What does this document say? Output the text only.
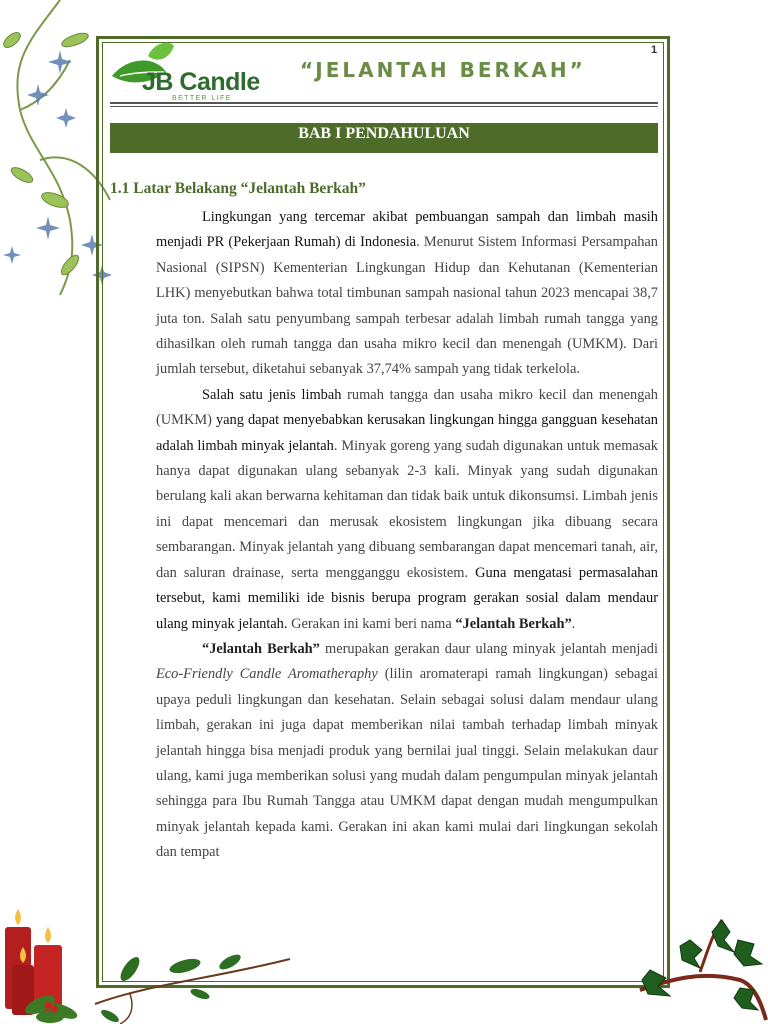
1
JB Candle
BETTER LIFE
“JELANTAH BERKAH”
BAB I PENDAHULUAN
1.1 Latar Belakang “Jelantah Berkah”

Lingkungan yang tercemar akibat pembuangan sampah dan limbah masih menjadi PR (Pekerjaan Rumah) di Indonesia. Menurut Sistem Informasi Persampahan Nasional (SIPSN) Kementerian Lingkungan Hidup dan Kehutanan (Kementerian LHK) menyebutkan bahwa total timbunan sampah nasional tahun 2023 mencapai 38,7 juta ton. Salah satu penyumbang sampah terbesar adalah limbah rumah tangga yang dihasilkan oleh rumah tangga dan usaha mikro kecil dan menengah (UMKM). Dari jumlah tersebut, diketahui sebanyak 37,74% sampah yang tidak terkelola.

Salah satu jenis limbah rumah tangga dan usaha mikro kecil dan menengah (UMKM) yang dapat menyebabkan kerusakan lingkungan hingga gangguan kesehatan adalah limbah minyak jelantah. Minyak goreng yang sudah digunakan untuk memasak hanya dapat digunakan ulang sebanyak 2-3 kali. Minyak yang sudah digunakan berulang kali akan berwarna kehitaman dan tidak baik untuk dikonsumsi. Limbah jenis ini dapat mencemari dan merusak ekosistem lingkungan jika dibuang secara sembarangan. Minyak jelantah yang dibuang sembarangan dapat mencemari tanah, air, dan saluran drainase, serta mengganggu ekosistem. Guna mengatasi permasalahan tersebut, kami memiliki ide bisnis berupa program gerakan sosial dalam mendaur ulang minyak jelantah. Gerakan ini kami beri nama “Jelantah Berkah”.

“Jelantah Berkah” merupakan gerakan daur ulang minyak jelantah menjadi Eco-Friendly Candle Aromatheraphy (lilin aromaterapi ramah lingkungan) sebagai upaya peduli lingkungan dan kesehatan. Selain sebagai solusi dalam mendaur ulang limbah, gerakan ini juga dapat memberikan nilai tambah terhadap limbah minyak jelantah hingga bisa menjadi produk yang bernilai jual tinggi. Selain melakukan daur ulang, kami juga memberikan solusi yang mudah dalam pengumpulan minyak jelantah sehingga para Ibu Rumah Tangga atau UMKM dapat dengan mudah mengumpulkan minyak jelantah kepada kami. Gerakan ini akan kami mulai dari lingkungan sekolah dan tempat
